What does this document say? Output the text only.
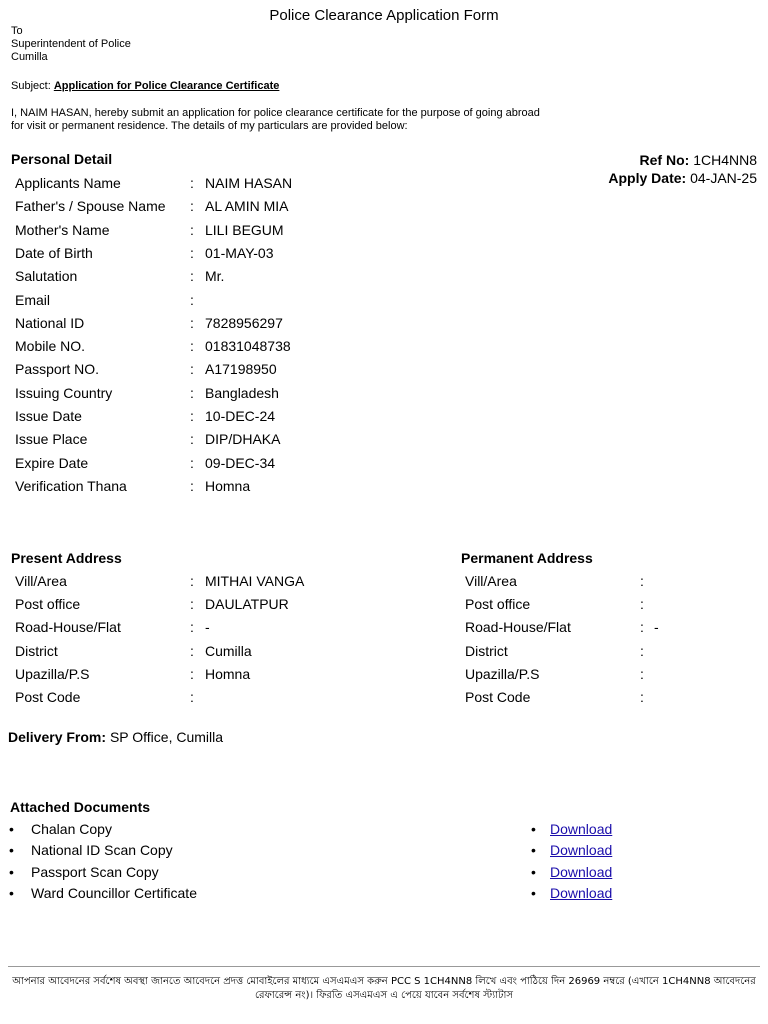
Police Clearance Application Form
To
Superintendent of Police
Cumilla
Subject: Application for Police Clearance Certificate
I, NAIM HASAN, hereby submit an application for police clearance certificate for the purpose of going abroad
for visit or permanent residence. The details of my particulars are provided below:
Personal Detail	Ref No: 1CH4NN8
Apply Date: 04-JAN-25
Applicants Name	: NAIM HASAN
Father's / Spouse Name : AL AMIN MIA
Mother's Name	: LILI BEGUM
Date of Birth	: 01-MAY-03
Salutation	: Mr.
Email	:
National ID	: 7828956297
Mobile NO.	: 01831048738
Passport NO.	: A17198950
Issuing Country	: Bangladesh
Issue Date	: 10-DEC-24
Issue Place	: DIP/DHAKA
Expire Date	: 09-DEC-34
Verification Thana	: Homna
Present Address	Permanent Address
Vill/Area	: MITHAI VANGA
Post office	: DAULATPUR
Road-House/Flat	: -
District	: Cumilla
Upazilla/P.S	: Homna
Post Code	:
Vill/Area	:
Post office	:
Road-House/Flat	: -
District	:
Upazilla/P.S	:
Post Code	:
Delivery From: SP Office, Cumilla
Attached Documents
• Chalan Copy	• Download
• National ID Scan Copy	• Download
• Passport Scan Copy	• Download
• Ward Councillor Certificate	• Download
আপনার আবেদনের সর্বশেষ অবস্থা জানতে আবেদনে প্রদত্ত মোবাইলের মাধ্যমে এসএমএস করুন PCC S 1CH4NN8 লিখে এবং পাঠিয়ে দিন 26969 নম্বরে (এখানে 1CH4NN8 আবেদনের
রেফারেন্স নং)। ফিরতি এসএমএস এ পেয়ে যাবেন সর্বশেষ স্ট্যাটাস
